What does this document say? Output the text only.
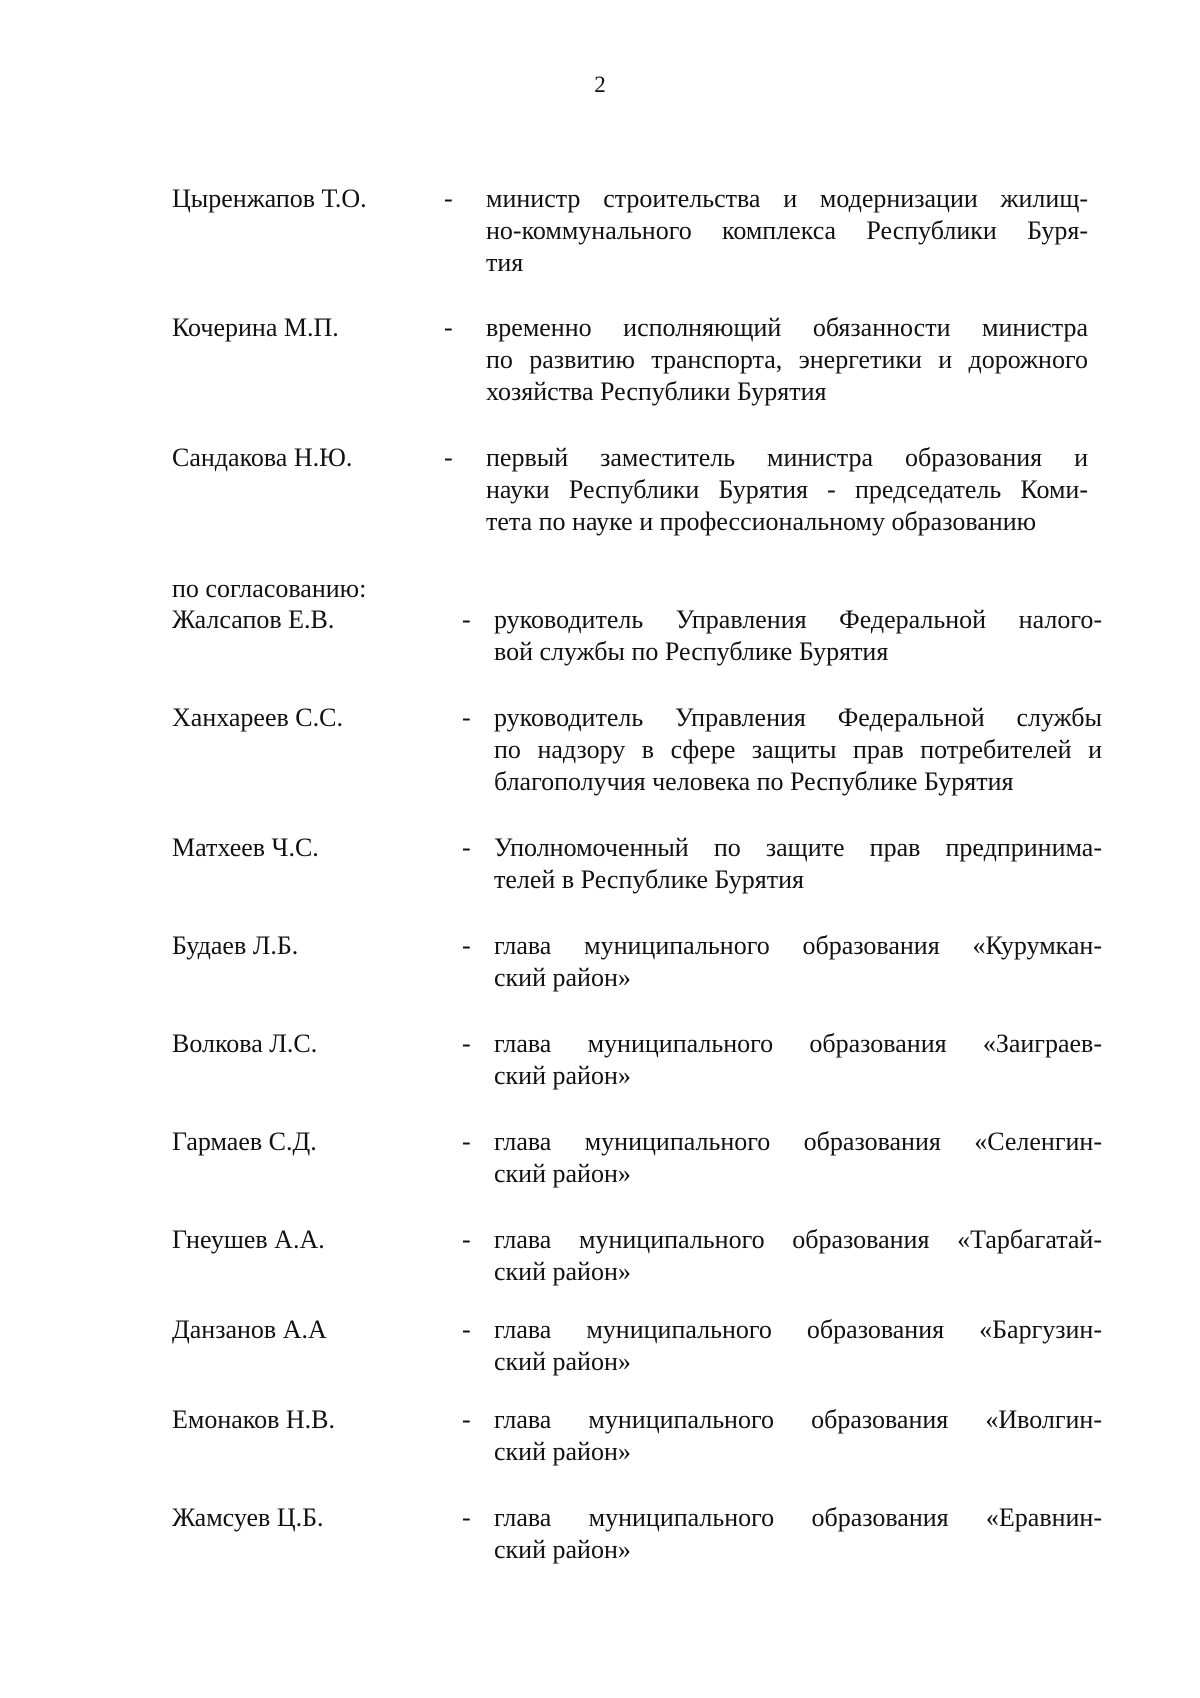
2
Цыренжапов Т.О.	- министр строительства и модернизации жилищ-
но-коммунального комплекса Республики Буря-
тия
Кочерина М.П.	- временно исполняющий обязанности министра
по развитию транспорта, энергетики и дорожного
хозяйства Республики Бурятия
Сандакова Н.Ю.	- первый заместитель министра образования и
науки Республики Бурятия - председатель Коми-
тета по науке и профессиональному образованию
по согласованию:
Жалсапов Е.В.	- руководитель Управления Федеральной налого-
вой службы по Республике Бурятия
Ханхареев С.С.	- руководитель Управления Федеральной службы
по надзору в сфере защиты прав потребителей и
благополучия человека по Республике Бурятия
Матхеев Ч.С.	- Уполномоченный по защите прав предпринима-
телей в Республике Бурятия
Будаев Л.Б.	- глава муниципального образования «Курумкан-
ский район»
Волкова Л.С.	- глава муниципального образования «Заиграев-
ский район»
Гармаев С.Д.	- глава муниципального образования «Селенгин-
ский район»
Гнеушев А.А.	- глава муниципального образования «Тарбагатай-
ский район»
Данзанов А.А	- глава муниципального образования «Баргузин-
ский район»
Емонаков Н.В.	- глава муниципального образования «Иволгин-
ский район»
Жамсуев Ц.Б.	- глава муниципального образования «Еравнин-
ский район»
